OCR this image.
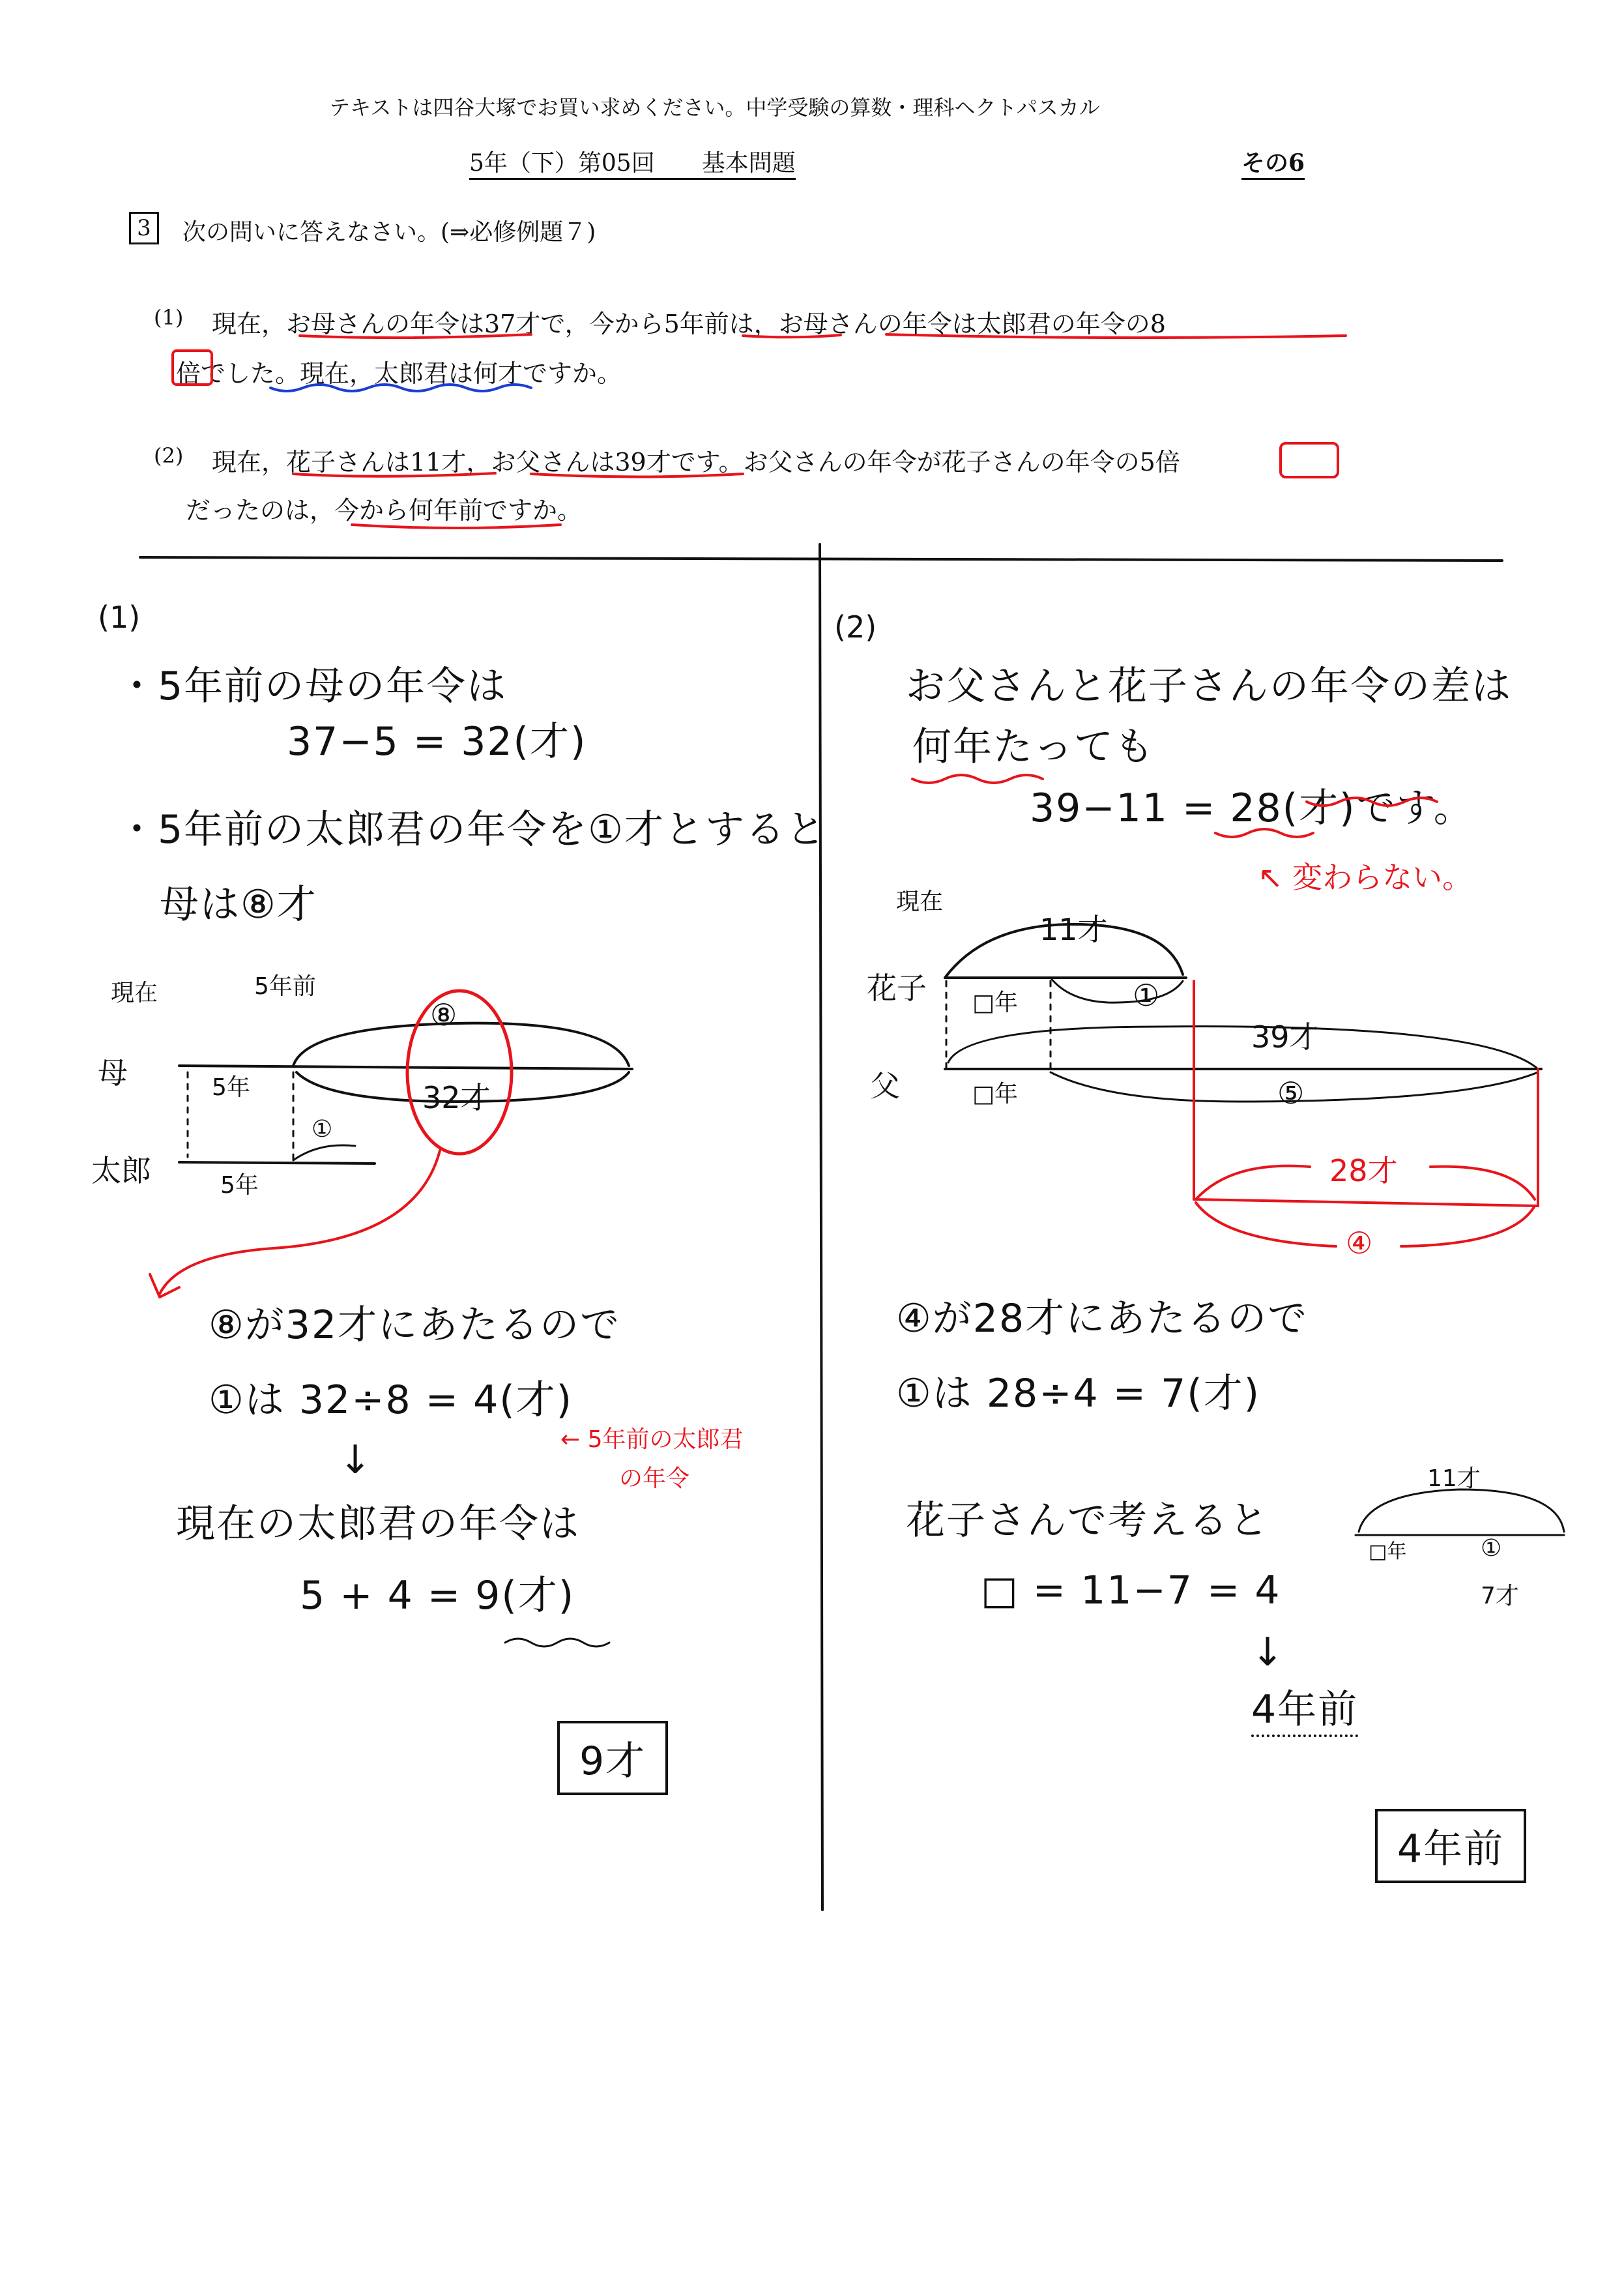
テキストは四谷大塚でお買い求めください。中学受験の算数・理科ヘクトパスカル
5年（下）第05回　　基本問題	その6
3	次の問いに答えなさい。(⇒必修例題７)
(1) 現在，お母さんの年令は37才で，今から5年前は，お母さんの年令は太郎君の年令の8
倍でした。現在，太郎君は何才ですか。
(2) 現在，花子さんは11才，お父さんは39才です。お父さんの年令が花子さんの年令の5倍
だったのは，今から何年前ですか。
(1)
・5年前の母の年令は
37−5 = 32(才)
・5年前の太郎君の年令を①才とすると
母は⑧才
現在	5年前
母
太郎
5年
5年
⑧
32才
①
⑧が32才にあたるので
①は 32÷8 = 4(才)
← 5年前の太郎君
の年令
↓
現在の太郎君の年令は
5 + 4 = 9(才)
9才
(2)
お父さんと花子さんの年令の差は
何年たっても
39−11 = 28(才)です。
↖ 変わらない。
現在
花子
父
11才
□年
□年
①
39才
⑤
28才
④
④が28才にあたるので
①は 28÷4 = 7(才)
花子さんで考えると
□ = 11−7 = 4
↓
4年前
11才
□年	①
7才
4年前
